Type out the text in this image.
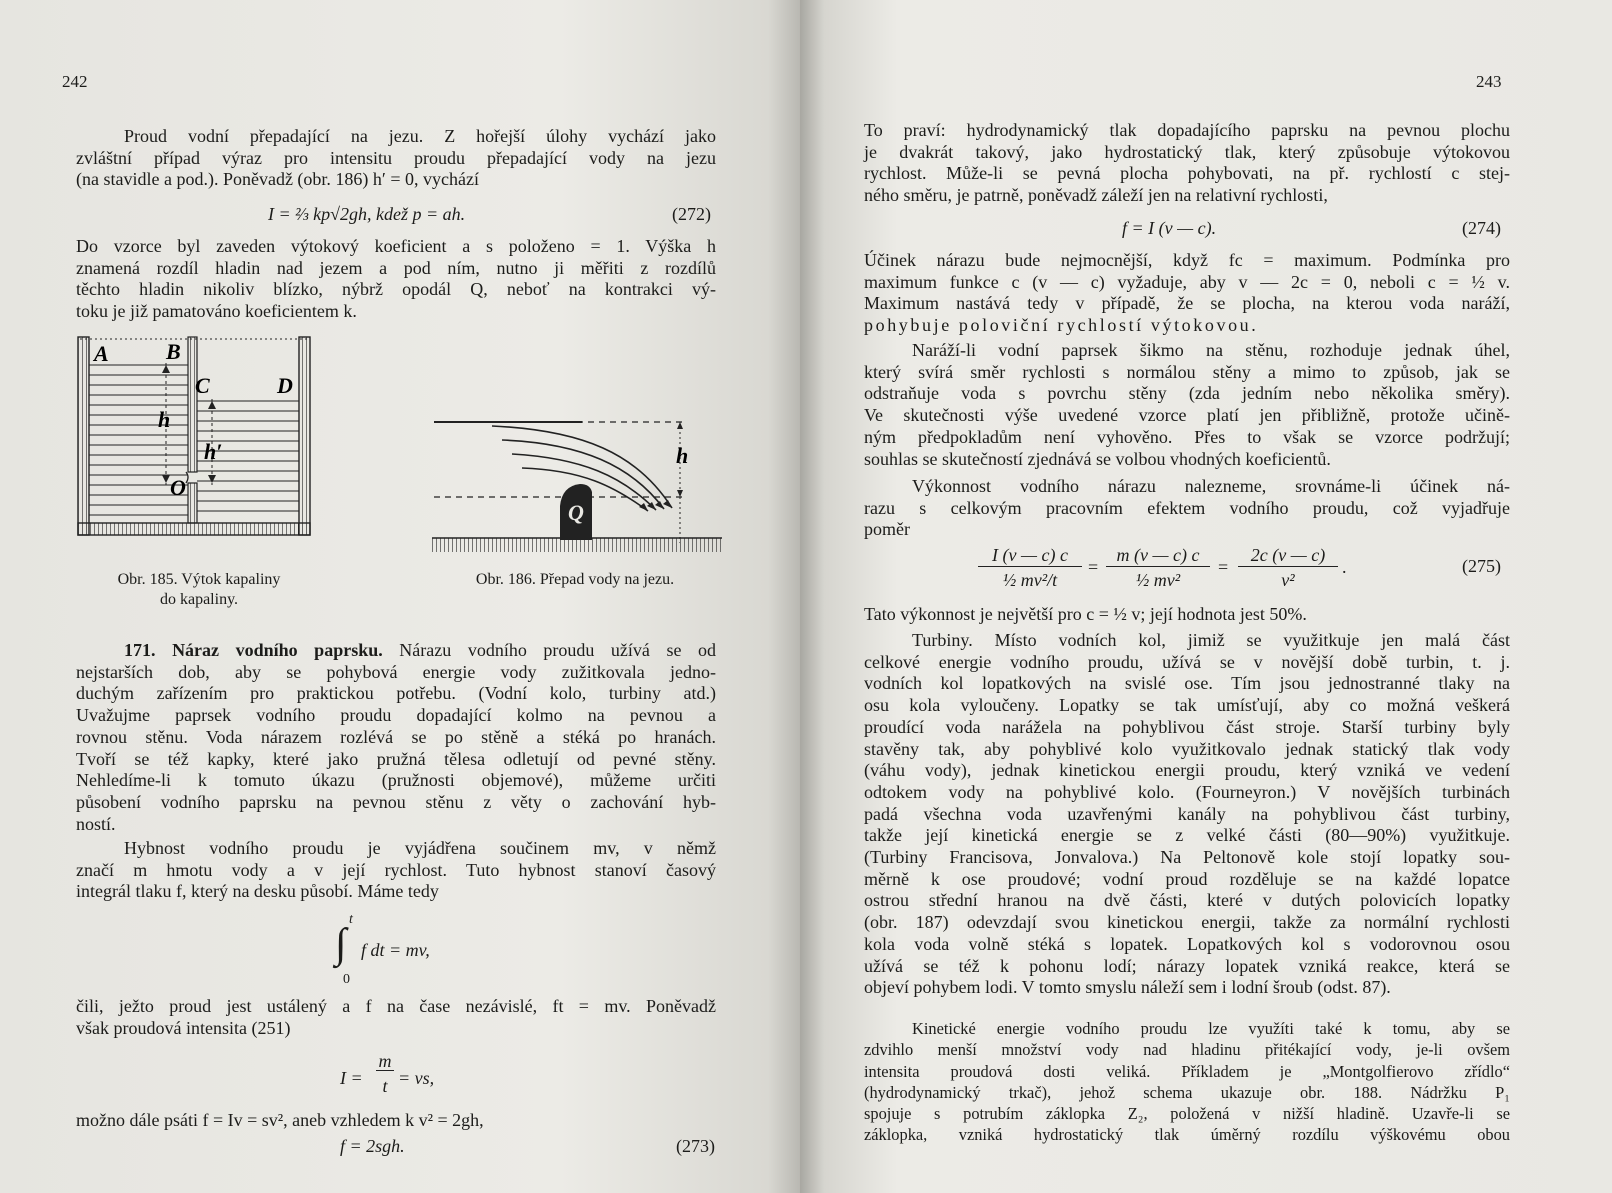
242
Proud vodní přepadající na jezu. Z hořejší úlohy vychází jako
zvláštní případ výraz pro intensitu proudu přepadající vody na jezu
(na stavidle a pod.). Poněvadž (obr. 186) h′ = 0, vychází
I = ⅔ kp√2gh, kdež p = ah.	(272)
Do vzorce byl zaveden výtokový koeficient a s položeno = 1. Výška h
znamená rozdíl hladin nad jezem a pod ním, nutno ji měřiti z rozdílů
těchto hladin nikoliv blízko, nýbrž opodál Q, neboť na kontrakci vý-
toku je již pamatováno koeficientem k.
A	B
C	D
h
h′
O
Obr. 185. Výtok kapaliny
do kapaliny.
Q
h
Obr. 186. Přepad vody na jezu.
171. Náraz vodního paprsku. Nárazu vodního proudu užívá se od
nejstarších dob, aby se pohybová energie vody zužitkovala jedno-
duchým zařízením pro praktickou potřebu. (Vodní kolo, turbiny atd.)
Uvažujme paprsek vodního proudu dopadající kolmo na pevnou a
rovnou stěnu. Voda nárazem rozlévá se po stěně a stéká po hranách.
Tvoří se též kapky, které jako pružná tělesa odletují od pevné stěny.
Nehledíme-li k tomuto úkazu (pružnosti objemové), můžeme určiti
působení vodního paprsku na pevnou stěnu z věty o zachování hyb-
ností.
Hybnost vodního proudu je vyjádřena součinem mv, v němž
značí m hmotu vody a v její rychlost. Tuto hybnost stanoví časový
integrál tlaku f, který na desku působí. Máme tedy
t
∫ f dt = mv,
0
čili, ježto proud jest ustálený a f na čase nezávislé, ft = mv. Poněvadž
však proudová intensita (251)
I =
m
t = vs,
možno dále psáti f = Iv = sv², aneb vzhledem k v² = 2gh,
f = 2sgh.	(273)
243
To praví: hydrodynamický tlak dopadajícího paprsku na pevnou plochu
je dvakrát takový, jako hydrostatický tlak, který způsobuje výtokovou
rychlost. Může-li se pevná plocha pohybovati, na př. rychlostí c stej-
ného směru, je patrně, poněvadž záleží jen na relativní rychlosti,
f = I (v — c).	(274)
Účinek nárazu bude nejmocnější, když fc = maximum. Podmínka pro
maximum funkce c (v — c) vyžaduje, aby v — 2c = 0, neboli c = ½ v.
Maximum nastává tedy v případě, že se plocha, na kterou voda naráží,
pohybuje poloviční rychlostí výtokovou.
Naráží-li vodní paprsek šikmo na stěnu, rozhoduje jednak úhel,
který svírá směr rychlosti s normálou stěny a mimo to způsob, jak se
odstraňuje voda s povrchu stěny (zda jedním nebo několika směry).
Ve skutečnosti výše uvedené vzorce platí jen přibližně, protože učině-
ným předpokladům není vyhověno. Přes to však se vzorce podržují;
souhlas se skutečností zjednává se volbou vhodných koeficientů.
Výkonnost vodního nárazu nalezneme, srovnáme-li účinek ná-
razu s celkovým pracovním efektem vodního proudu, což vyjadřuje
poměr
I (v — c) c
½ mv²/t
=
m (v — c) c
½ mv²
=
2c (v — c)
v²
.	(275)
Tato výkonnost je největší pro c = ½ v; její hodnota jest 50%.
Turbiny. Místo vodních kol, jimiž se využitkuje jen malá část
celkové energie vodního proudu, užívá se v novější době turbin, t. j.
vodních kol lopatkových na svislé ose. Tím jsou jednostranné tlaky na
osu kola vyloučeny. Lopatky se tak umísťují, aby co možná veškerá
proudící voda narážela na pohyblivou část stroje. Starší turbiny byly
stavěny tak, aby pohyblivé kolo využitkovalo jednak statický tlak vody
(váhu vody), jednak kinetickou energii proudu, který vzniká ve vedení
odtokem vody na pohyblivé kolo. (Fourneyron.) V novějších turbinách
padá všechna voda uzavřenými kanály na pohyblivou část turbiny,
takže její kinetická energie se z velké části (80—90%) využitkuje.
(Turbiny Francisova, Jonvalova.) Na Peltonově kole stojí lopatky sou-
měrně k ose proudové; vodní proud rozděluje se na každé lopatce
ostrou střední hranou na dvě části, které v dutých polovicích lopatky
(obr. 187) odevzdají svou kinetickou energii, takže za normální rychlosti
kola voda volně stéká s lopatek. Lopatkových kol s vodorovnou osou
užívá se též k pohonu lodí; nárazy lopatek vzniká reakce, která se
objeví pohybem lodi. V tomto smyslu náleží sem i lodní šroub (odst. 87).
Kinetické energie vodního proudu lze využíti také k tomu, aby se
zdvihlo menší množství vody nad hladinu přitékající vody, je-li ovšem
intensita proudová dosti veliká. Příkladem je „Montgolfierovo zřídlo“
(hydrodynamický trkač), jehož schema ukazuje obr. 188. Nádržku P₁
spojuje s potrubím záklopka Z₂, položená v nižší hladině. Uzavře-li se
záklopka, vzniká hydrostatický tlak úměrný rozdílu výškovému obou
